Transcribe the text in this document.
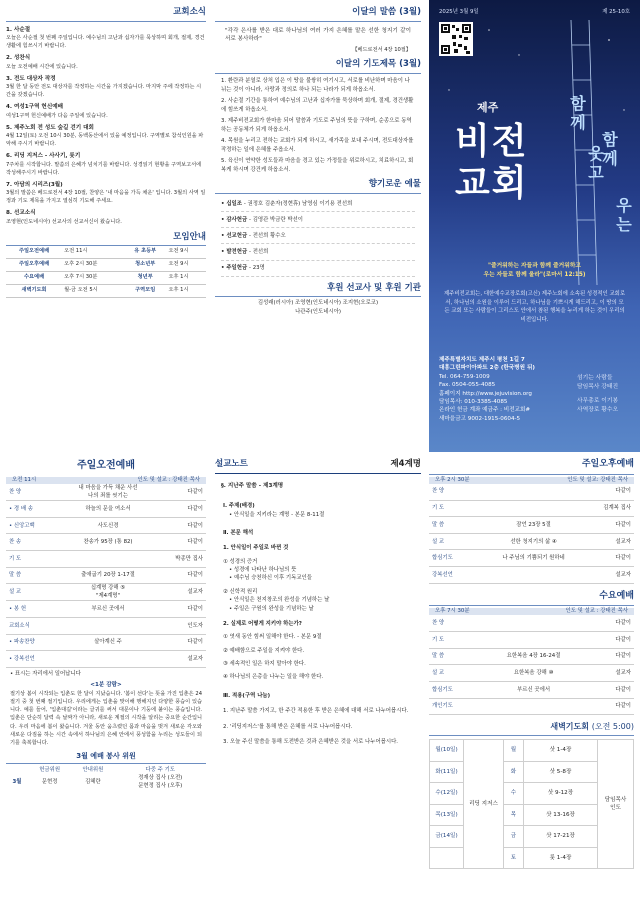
교회소식
1. 사순절
오늘은 사순절 첫 번째 주일입니다. 예수님의 고난과 십자가를 묵상하며 회개, 절제, 경건생활에 힘쓰시기 바랍니다.
2. 성찬식
오늘 오전예배 시간에 있습니다.
3. 전도 대상자 작정
3월 한 달 동안 전도 대상자를 작정하는 시간을 가지겠습니다. 마지막 주에 작정하는 시간을 갖겠습니다.
4. 여성1구역 헌신예배
여성1구역 헌신예배가 다음 주일에 있습니다.
5. 제주노회 전 성도 숲길 걷기 대회
4월 12일(토) 오전 10시 30분, 동백동산에서 있을 예정입니다. 구역별로 참석인원을 파악해 주시기 바랍니다.
6. 리딩 지저스 - 사사기, 룻기
7주차를 시작합니다. 말씀의 은혜가 넘치기를 바랍니다. 성경읽기 현황을 구역보고서에 작성해주시기 바랍니다.
7. 아담의 시리즈(3월)
3월의 말씀은 베드로전서 4장 10절, 찬양은 '내 마음을 가득 채운' 입니다. 3월의 사역 일정과 기도 제목을 가지고 열심히 기도해 주세요.
8. 선교소식
조영현(인도네시아) 선교사의 선교서신이 왔습니다.
모임안내
주일오전예배	오전 11시	유 초등부	오전 9시
주일오후예배	오후 2시 30분	청소년부	오전 9시
수요예배	오후 7시 30분	청년부	오후 1시
새벽기도회	월-금 오전 5시	구역모임	오후 1시
이달의 말씀 (3월)
"각각 은사를 받은 대로 하나님의 여러 가지 은혜를 맡은 선한 청지기 같이 서로 봉사하라"
【베드로전서 4장 10절】
이달의 기도제목 (3월)
1. 환란과 분열로 상처 입은 이 땅을 불쌍히 여기시고, 서로를 비난하며 마음이 나뉘는 것이 아니라, 사랑과 정의로 하나 되는 나라가 되게 하옵소서.
2. 사순절 기간을 통하여 예수님의 고난과 십자가를 묵상하며 회개, 절제, 경건생활에 힘쓰게 하옵소서.
3. 제주비전교회가 한마음 되어 말씀과 기도로 주님의 뜻을 구하며, 순종으로 동역하는 공동체가 되게 하옵소서.
4. 목원을 누리고 전하는 교회가 되게 하시고, 새가족을 보내 주시며, 전도대상자를 작정하는 일에 은혜를 주옵소서.
5. 육신이 연약한 성도들과 마음을 경고 있는 가정들을 위로하시고, 치료하시고, 회복케 하시며 강건케 하옵소서.
향기로운 예물
• 십일조 - 권정호 김춘자(정현휴) 남영심 이기용 전선희
• 감사헌금 - 김영관 박금란 박선이
• 선교헌금 - 전선희 황수오
• 발전헌금 - 전선희
• 주일헌금 - 23명
후원 선교사 및 후원 기관
김성래(러시아) 조영현(인도네시아) 조지현(오로코)
나관주(인도네시아)
2025년 3월 9일	제 25-10호
제주
비전
교회
함
께
웃
고
함
께
우
는
"즐거워하는 자들과 함께 즐거워하고
우는 자들로 함께 울라"(로마서 12:15)
제주비전교회는, 대한예수교장로회(고신) 제주노회에 소속된 성경적인 교회로서, 하나님의 소원을 이루어 드리고, 하나님을 기쁘시게 해드리고, 이 땅의 모든 교회 또는 사람들이 그리스도 안에서 참된 행복을 누리게 하는 것이 우리의 비전입니다.
제주특별자치도 제주시 평천 1길 7
대흥그린파이아파트 2층 (한국병원 뒤)
Tel. 064-759-1009
Fax. 0504-055-4085
홈페이지 http://www.jejuvision.org
담임목사: 010-3385-4085
온라인 헌금 계좌 예금주 : 비전교회#
새마을금고 9002-1915-0604-5
섬기는 사람들
담임목사 강태진
사무총로 이기봉
사역장로 황수오
주일오전예배
오전 11시	인도 및 설교 : 강태진 목사
찬 양	내 마음을 가득 채운 사선
나의 죄를 씻기는	다같이
• 경 배 송	하늘의 문을 여소서	다같이
• 신앙고백	사도신경	다같이
찬 송	찬송가 95장 (통 82)	다같이
기 도		박종만 집사
말 씀	출애굽기 20장 1-17절	다같이
설 교	십계명 강해 ⑤
"제4계명"	설교자
• 봉 헌	부르신 곳에서	다같이
교회소식		인도자
• 파송찬양	살아계신 주	다같이
• 강복선언		설교자
• 표시는 자리에서 일어납니다
<1분 감람>
절기상 봄이 시작되는 입춘도 한 달이 지났습니다. '봄이 선다'는 뜻을 가진 입춘은 24절기 중 첫 번째 절기입니다. 우리에게는 입춘을 맞이해 행해지던 다양한 풍습이 있습니다. 예를 들어, '입춘대길'이라는 글귀를 써서 대문이나 기둥에 붙이는 풍습입니다. 입춘은 단순히 달력 속 날짜가 아니라, 새로운 계절의 시작을 알리는 중요한 순간입니다. 우리 마음에 봄이 왔습니다. 겨울 동안 움츠렸던 몸과 마음을 벗겨 새로운 각오와 새로운 다짐을 하는 시간 속에서 하나님의 은혜 안에서 풍성함을 누리는 성도들이 되기를 축복합니다.
3월 예배 봉사 위원
	헌금위원	안내위원	다중 주 기도
3월	문현정	김혜란	정재상 집사 (오전)
문현정 집사 (오후)
설교노트	제4계명
§. 지난주 말씀 - 제3계명
Ⅰ. 주제(배경)
• 안식일을 지키라는 계명 - 본문 8-11절
Ⅱ. 본문 해석
1. 안식일이 주일로 바뀐 것
① 성경의 증거
• 성경에 나타난 하나님의 뜻
• 예수님 승천하신 이후 기독교인들
② 신학적 원리
• 안식일은 천지창조의 완성을 기념하는 날
• 주일은 구원의 완성을 기념하는 날
2. 실제로 어떻게 지키야 하는가?
① 엿새 동안 힘써 일해야 한다. - 본문 9절
② 예배함으로 주일을 지켜야 한다.
③ 세속적인 일은 하지 말아야 한다.
④ 하나님의 은총을 나누는 일을 해야 한다.
Ⅲ. 적용(구역 나눔)
1. 지난주 말씀 가지고, 한 주간 적용한 후 받은 은혜에 대해 서로 나누어봅시다.
2. '리딩지저스'를 통해 받은 은혜를 서로 나누어봅시다.
3. 오늘 주신 말씀을 통해 도전받은 것과 은혜받은 것을 서로 나누어봅시다.
주일오후예배
오후 2시 30분	인도 및 설교: 강태진 목사
찬 양		다같이
기 도		김계복 집사
말 씀	잠언 23장 5절	다같이
설 교	선한 청지기의 삶 ④	설교자
합심기도	나 주님의 기쁨되기 원하네	다같이
강복선언		설교자
수요예배
오후 7시 30분	인도 및 설교 : 강태진 목사
찬 양		다같이
기 도		다같이
말 씀	요한복음 4장 16-24절	다같이
설 교	요한복음 강해 ⑩	설교자
합심기도	부르신 곳에서	다같이
개인기도		다같이
새벽기도회 (오전 5:00)
월(10일)	리딩 지저스	월	삿 1-4장	담임목사
인도
화(11일)		화	삿 5-8장	
수(12일)		수	삿 9-12장	
목(13일)		목	삿 13-16장	
금(14일)		금	삿 17-21장	
		토	룻 1-4장	
